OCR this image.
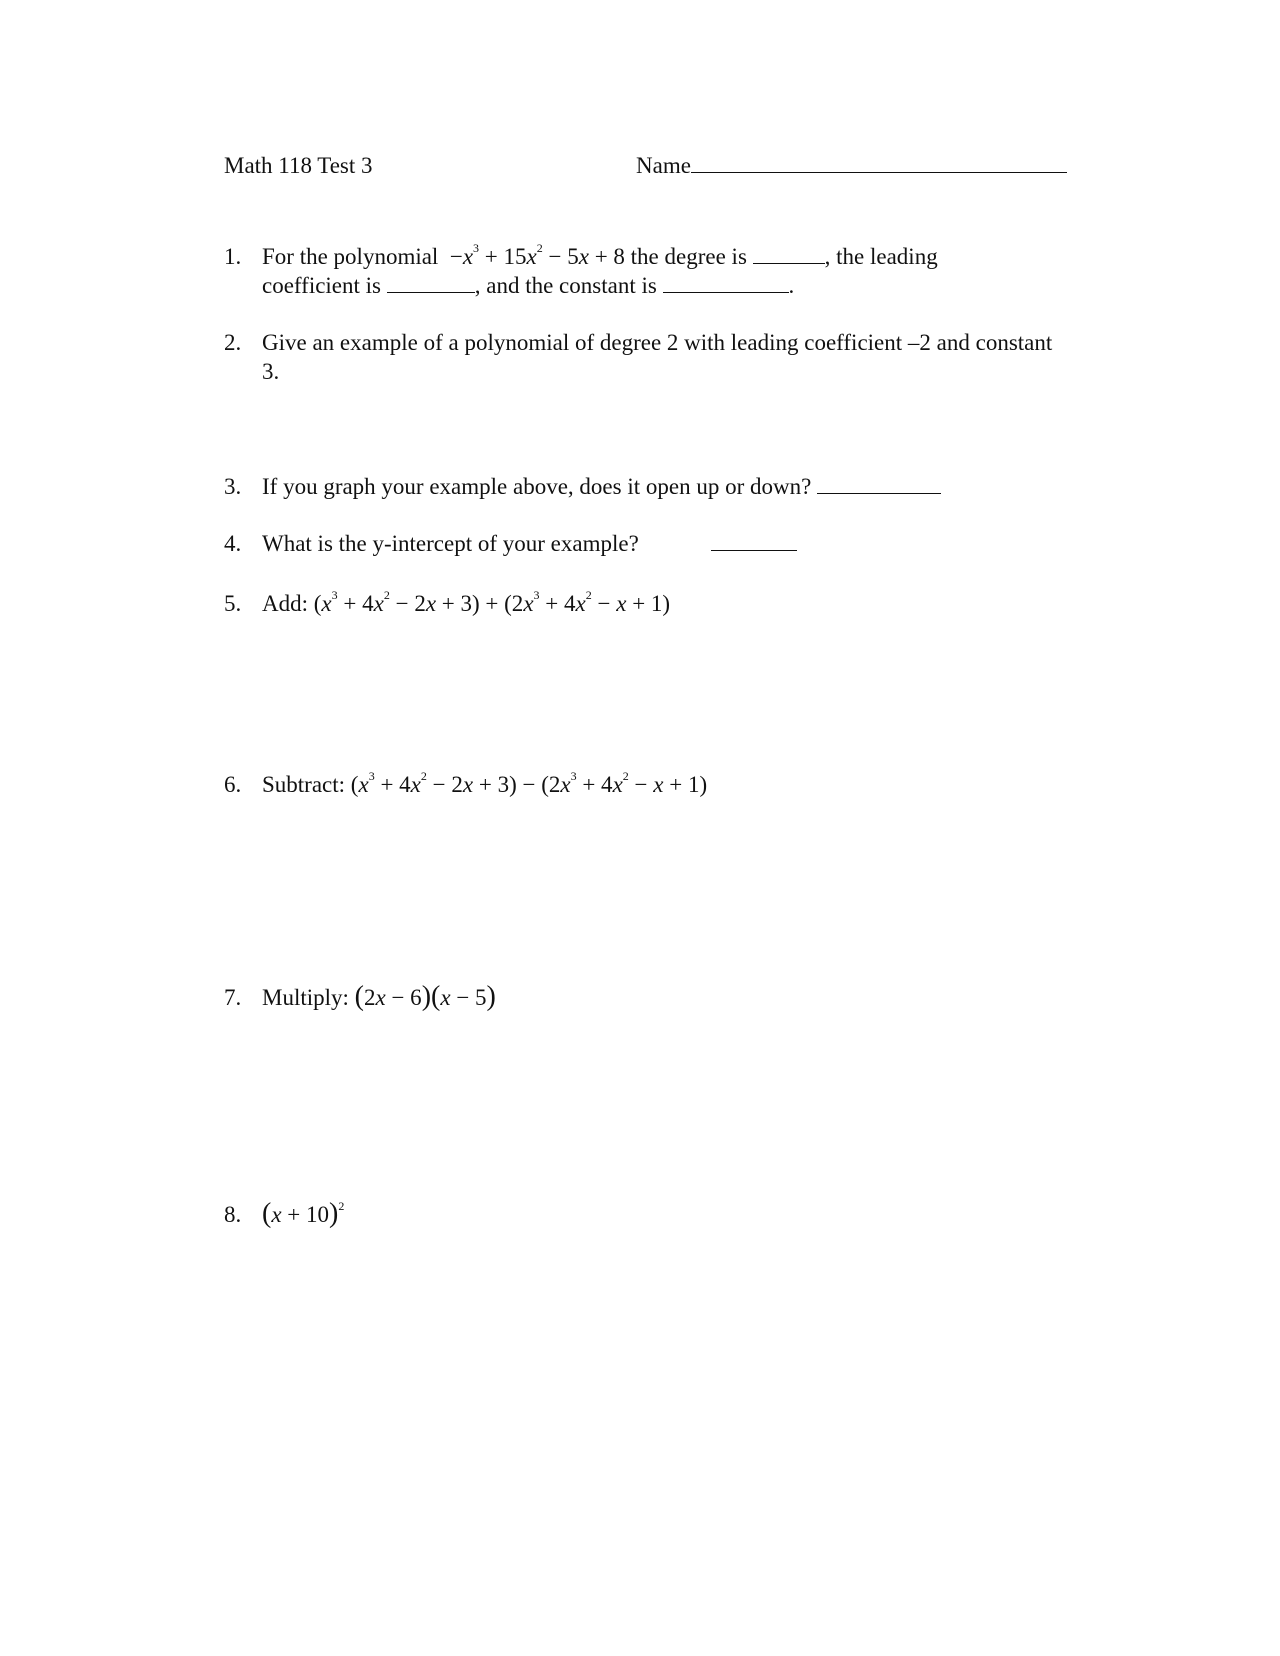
Math 118 Test 3	Name
1. For the polynomial  $-x^3 + 15x^2 - 5x + 8$ the degree is	, the leading
coefficient is	, and the constant is	.
2. Give an example of a polynomial of degree 2 with leading coefficient –2 and constant 3.
3. If you graph your example above, does it open up or down?
4. What is the y-intercept of your example?
5. Add: $(x^3 + 4x^2 - 2x + 3) + (2x^3 + 4x^2 - x + 1)$
6. Subtract: $(x^3 + 4x^2 - 2x + 3) - (2x^3 + 4x^2 - x + 1)$
7. Multiply: (2x − 6)(x − 5)
8. $(x + 10)^2$
